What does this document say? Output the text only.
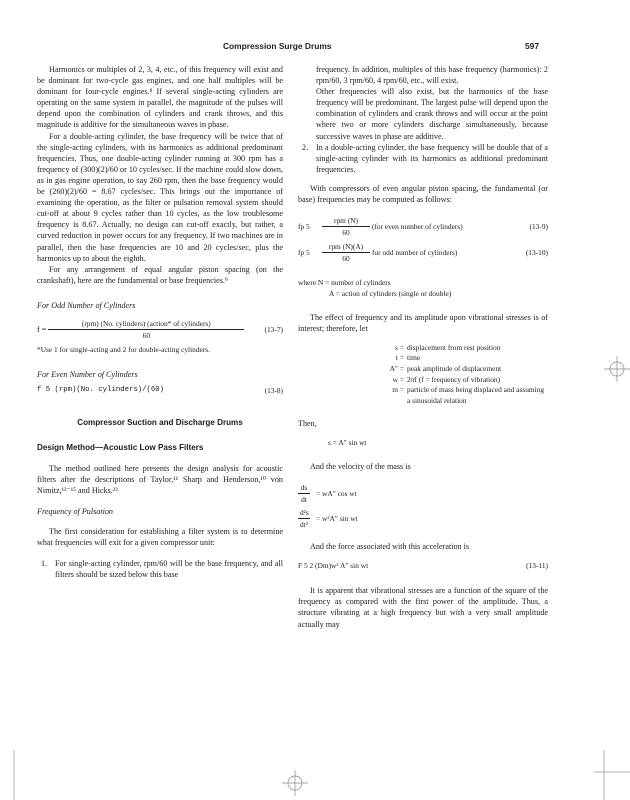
Compression Surge Drums	597

Harmonics or multiples of 2, 3, 4, etc., of this frequency will exist and be dominant for two-cycle gas engines, and one half multiples will be dominant for four-cycle engines.⁸ If several single-acting cylinders are operating on the same system in parallel, the magnitude of the pulses will depend upon the combination of cylinders and crank throws, and this magnitude is additive for the simultaneous waves in phase.

For a double-acting cylinder, the base frequency will be twice that of the single-acting cylinders, with its harmonics as additional predominant frequencies. Thus, one double-acting cylinder running at 300 rpm has a frequency of (300)(2)/60 or 10 cycles/sec. If the machine could slow down, as in gas engine operation, to say 260 rpm, then the base frequency would be (260)(2)/60 = 8.67 cycles/sec. This brings out the importance of examining the operation, as the filter or pulsation removal system should cut-off at about 9 cycles rather than 10 cycles, as the low troublesome frequency is 8.67. Actually, no design can cut-off exactly, but rather, a curved reduction in power occurs for any frequency. If two machines are in parallel, then the base frequencies are 10 and 20 cycles/sec, plus the harmonics up to about the eighth.

For any arrangement of equal angular piston spacing (on the crankshaft), here are the fundamental or base frequencies.⁹

For Odd Number of Cylinders

$f = \frac{\text{(rpm) (No. cylinders) (action* of cylinders)}}{60}$	(13-7)

*Use 1 for single-acting and 2 for double-acting cylinders.

For Even Number of Cylinders

f 5 (rpm)(No. cylinders)/(60)	(13-8)

Compressor Suction and Discharge Drums

Design Method—Acoustic Low Pass Filters

The method outlined here presents the design analysis for acoustic filters after the descriptions of Taylor,¹¹ Sharp and Henderson,¹⁰ von Nimitz,¹³⁻¹⁵ and Hicks.²³

Frequency of Pulsation

The first consideration for establishing a filter system is to determine what frequencies will exit for a given compressor unit:

1. For single-acting cylinder, rpm/60 will be the base frequency, and all filters should be sized below this base

frequency. In addition, multiples of this base frequency (harmonics): 2 rpm/60, 3 rpm/60, 4 rpm/60, etc., will exist.

Other frequencies will also exist, but the harmonics of the base frequency will be predominant. The largest pulse will depend upon the combination of cylinders and crank throws and will occur at the point where two or more cylinders discharge simultaneously, because successive waves in phase are additive.

2. In a double-acting cylinder, the base frequency will be double that of a single-acting cylinder with its harmonics as additional predominant frequencies.

With compressors of even angular piston spacing, the fundamental (or base) frequencies may be computed as follows:

fp 5	$\frac{\text{rpm (N)}}{60} (for$ even number of cylinders)	(13-9)
fp 5	$\frac{\text{rpm (N)(A)}}{60}$ for odd number of cylinders)	(13-10)

where N = number of cylinders

A = action of cylinders (single or double)

The effect of frequency and its amplitude upon vibrational stresses is of interest; therefore, let

s = displacement from rest position
t = time
A″ = peak amplitude of displacement
w = 2πf (f = frequency of vibration)
m = particle of mass being displaced and assuming a sinusoidal relation

Then,

s = A″ sin wt

And the velocity of the mass is

$\frac{ds}{dt} = wA''$ cos wt
$\frac{\text{d²s}}{\text{dt²}} = w^2A''$ sin wt

And the force associated with this acceleration is

F 5 2 (Dm)w² A″ sin wt	(13-11)

It is apparent that vibrational stresses are a function of the square of the frequency as compared with the first power of the amplitude. Thus, a structure vibrating at a high frequency but with a very small amplitude actually may
